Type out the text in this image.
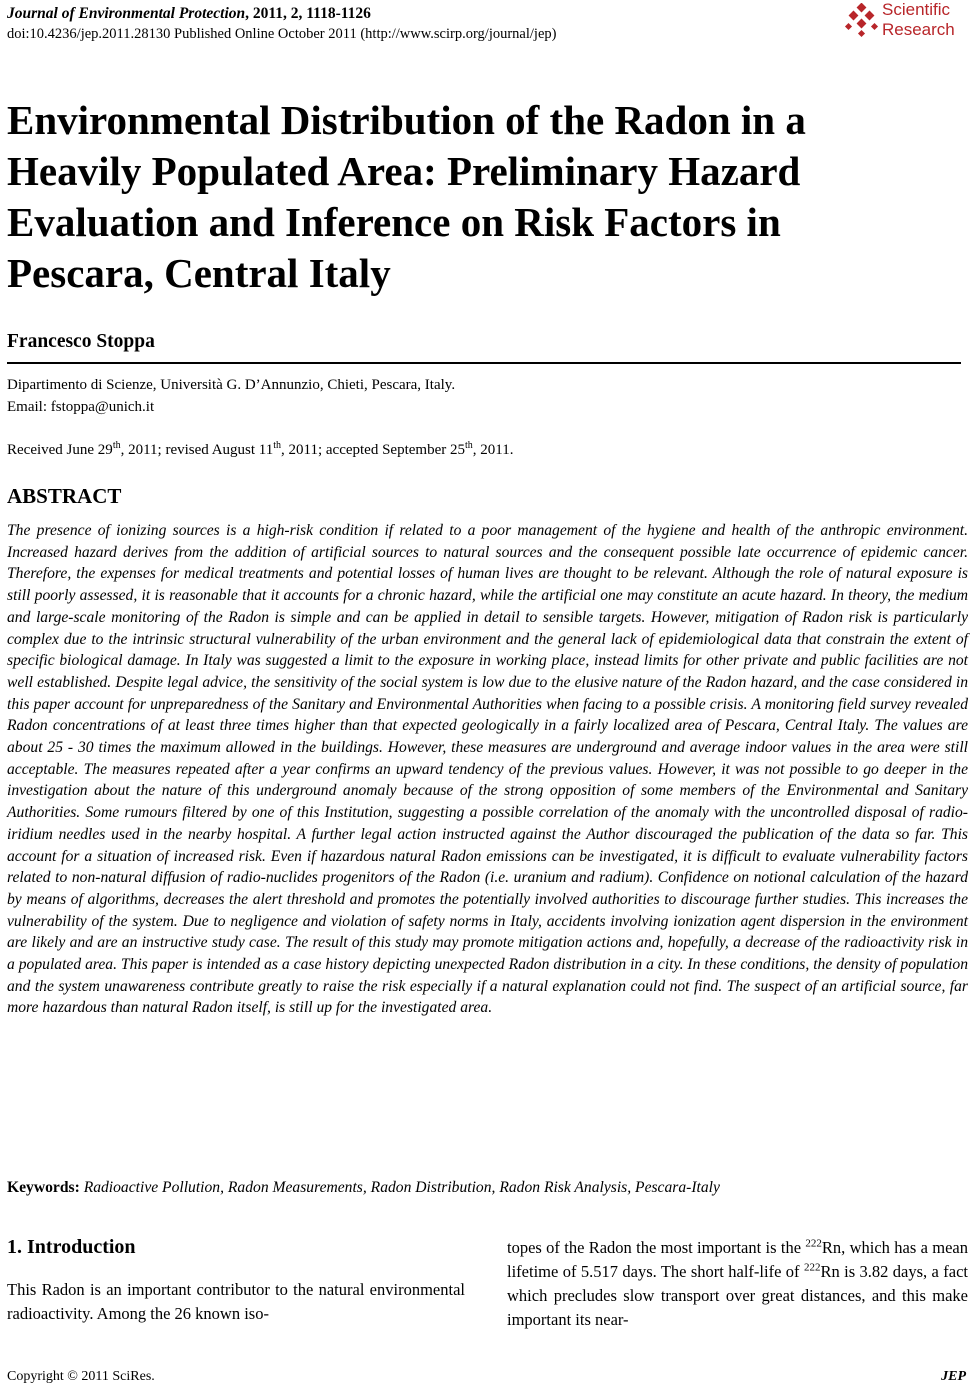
Journal of Environmental Protection, 2011, 2, 1118-1126
doi:10.4236/jep.2011.28130 Published Online October 2011 (http://www.scirp.org/journal/jep)
Scientific
Research
Environmental Distribution of the Radon in a Heavily Populated Area: Preliminary Hazard Evaluation and Inference on Risk Factors in Pescara, Central Italy
Francesco Stoppa
Dipartimento di Scienze, Università G. D’Annunzio, Chieti, Pescara, Italy.
Email: fstoppa@unich.it
Received June 29th, 2011; revised August 11th, 2011; accepted September 25th, 2011.
ABSTRACT

The presence of ionizing sources is a high-risk condition if related to a poor management of the hygiene and health of the anthropic environment. Increased hazard derives from the addition of artificial sources to natural sources and the consequent possible late occurrence of epidemic cancer. Therefore, the expenses for medical treatments and potential losses of human lives are thought to be relevant. Although the role of natural exposure is still poorly assessed, it is reasonable that it accounts for a chronic hazard, while the artificial one may constitute an acute hazard. In theory, the medium and large-scale monitoring of the Radon is simple and can be applied in detail to sensible targets. However, mitigation of Radon risk is particularly complex due to the intrinsic structural vulnerability of the urban environment and the general lack of epidemiological data that constrain the extent of specific biological damage. In Italy was suggested a limit to the exposure in working place, instead limits for other private and public facilities are not well established. Despite legal advice, the sensitivity of the social system is low due to the elusive nature of the Radon hazard, and the case considered in this paper account for unpreparedness of the Sanitary and Environmental Authorities when facing to a possible crisis. A monitoring field survey revealed Radon concentrations of at least three times higher than that expected geologically in a fairly localized area of Pescara, Central Italy. The values are about 25 - 30 times the maximum allowed in the buildings. However, these measures are underground and average indoor values in the area were still acceptable. The measures repeated after a year confirms an upward tendency of the previous values. However, it was not possible to go deeper in the investigation about the nature of this underground anomaly because of the strong opposition of some members of the Environmental and Sanitary Authorities. Some rumours filtered by one of this Institution, suggesting a possible correlation of the anomaly with the uncontrolled disposal of radio-iridium needles used in the nearby hospital. A further legal action instructed against the Author discouraged the publication of the data so far. This account for a situation of increased risk. Even if hazardous natural Radon emissions can be investigated, it is difficult to evaluate vulnerability factors related to non-natural diffusion of radio-nuclides progenitors of the Radon (i.e. uranium and radium). Confidence on notional calculation of the hazard by means of algorithms, decreases the alert threshold and promotes the potentially involved authorities to discourage further studies. This increases the vulnerability of the system. Due to negligence and violation of safety norms in Italy, accidents involving ionization agent dispersion in the environment are likely and are an instructive study case. The result of this study may promote mitigation actions and, hopefully, a decrease of the radioactivity risk in a populated area. This paper is intended as a case history depicting unexpected Radon distribution in a city. In these conditions, the density of population and the system unawareness contribute greatly to raise the risk especially if a natural explanation could not find. The suspect of an artificial source, far more hazardous than natural Radon itself, is still up for the investigated area.

Keywords: Radioactive Pollution, Radon Measurements, Radon Distribution, Radon Risk Analysis, Pescara-Italy
1. Introduction

This Radon is an important contributor to the natural environmental radioactivity. Among the 26 known iso-

topes of the Radon the most important is the $^{222}$Rn, which has a mean lifetime of 5.517 days. The short half-life of $^{222}$Rn is 3.82 days, a fact which precludes slow transport over great distances, and this make important its near-

Copyright © 2011 SciRes.	JEP
